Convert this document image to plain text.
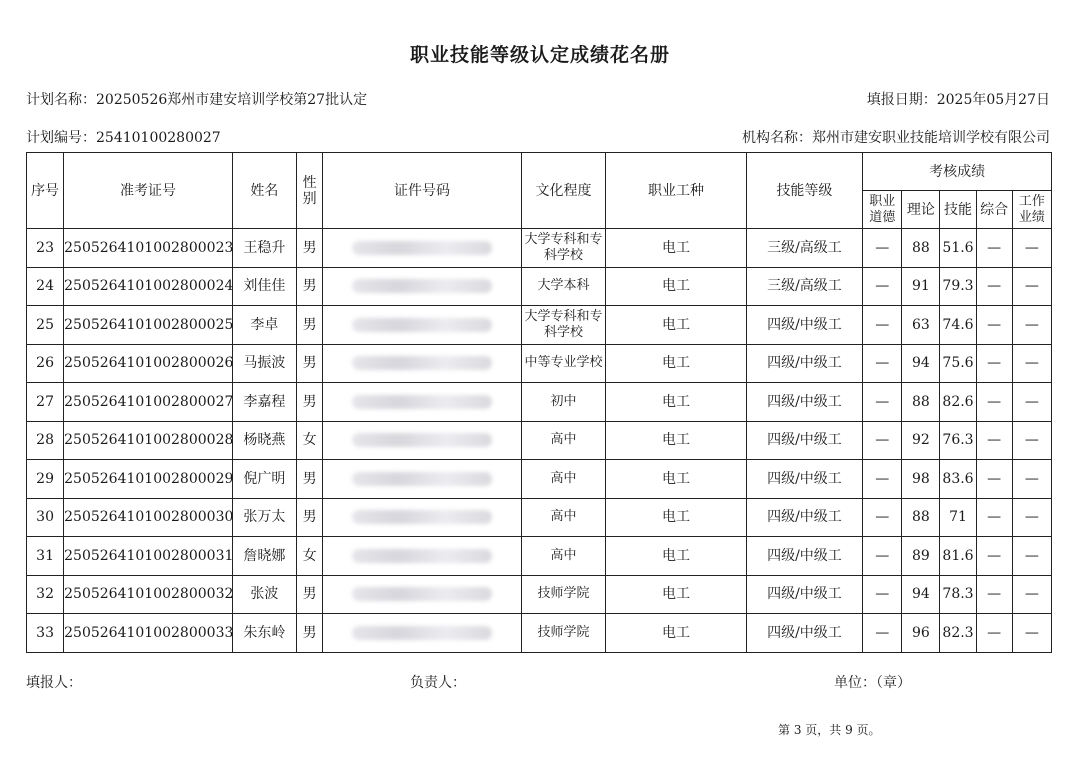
职业技能等级认定成绩花名册
计划名称：20250526郑州市建安培训学校第27批认定	填报日期：2025年05月27日
计划编号：25410100280027	机构名称：郑州市建安职业技能培训学校有限公司
序号	准考证号	姓名	性别	证件号码	文化程度	职业工种	技能等级	考核成绩				
								职业道德	理论	技能	综合	工作业绩
23	2505264101002800023	王稳升	男		大学专科和专科学校	电工	三级/高级工	—	88	51.6	—	—
24	2505264101002800024	刘佳佳	男		大学本科	电工	三级/高级工	—	91	79.3	—	—
25	2505264101002800025	李卓	男		大学专科和专科学校	电工	四级/中级工	—	63	74.6	—	—
26	2505264101002800026	马振波	男		中等专业学校	电工	四级/中级工	—	94	75.6	—	—
27	2505264101002800027	李嘉程	男		初中	电工	四级/中级工	—	88	82.6	—	—
28	2505264101002800028	杨晓燕	女		高中	电工	四级/中级工	—	92	76.3	—	—
29	2505264101002800029	倪广明	男		高中	电工	四级/中级工	—	98	83.6	—	—
30	2505264101002800030	张万太	男		高中	电工	四级/中级工	—	88	71	—	—
31	2505264101002800031	詹晓娜	女		高中	电工	四级/中级工	—	89	81.6	—	—
32	2505264101002800032	张波	男		技师学院	电工	四级/中级工	—	94	78.3	—	—
33	2505264101002800033	朱东岭	男		技师学院	电工	四级/中级工	—	96	82.3	—	—
填报人：	负责人：	单位：（章）
第 3 页，共 9 页。
